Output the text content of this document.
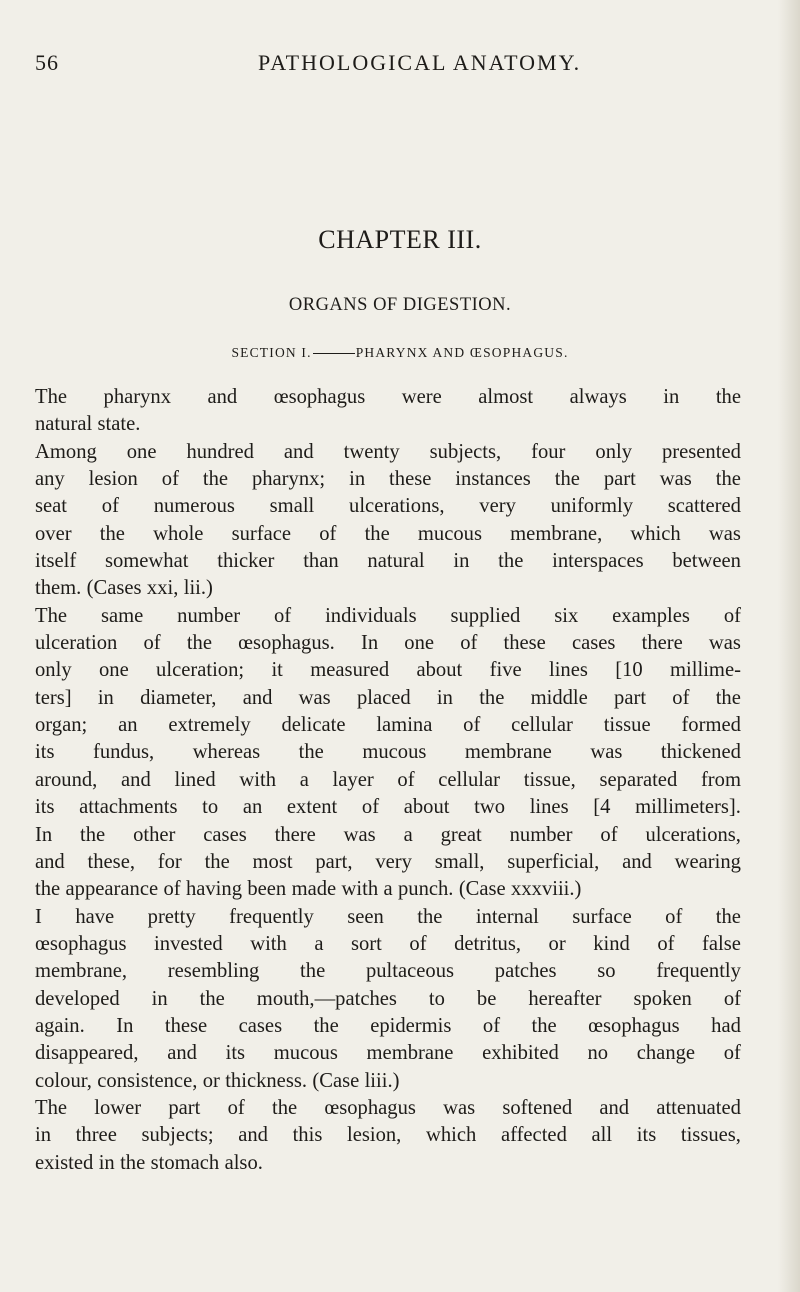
56	PATHOLOGICAL ANATOMY.
CHAPTER III.
ORGANS OF DIGESTION.
SECTION I.	PHARYNX AND ŒSOPHAGUS.
The pharynx and œsophagus were almost always in the
natural state.
Among one hundred and twenty subjects, four only presented
any lesion of the pharynx; in these instances the part was the
seat of numerous small ulcerations, very uniformly scattered
over the whole surface of the mucous membrane, which was
itself somewhat thicker than natural in the interspaces between
them. (Cases xxi, lii.)
The same number of individuals supplied six examples of
ulceration of the œsophagus. In one of these cases there was
only one ulceration; it measured about five lines [10 millime-
ters] in diameter, and was placed in the middle part of the
organ; an extremely delicate lamina of cellular tissue formed
its fundus, whereas the mucous membrane was thickened
around, and lined with a layer of cellular tissue, separated from
its attachments to an extent of about two lines [4 millimeters].
In the other cases there was a great number of ulcerations,
and these, for the most part, very small, superficial, and wearing
the appearance of having been made with a punch. (Case xxxviii.)
I have pretty frequently seen the internal surface of the
œsophagus invested with a sort of detritus, or kind of false
membrane, resembling the pultaceous patches so frequently
developed in the mouth,—patches to be hereafter spoken of
again. In these cases the epidermis of the œsophagus had
disappeared, and its mucous membrane exhibited no change of
colour, consistence, or thickness. (Case liii.)
The lower part of the œsophagus was softened and attenuated
in three subjects; and this lesion, which affected all its tissues,
existed in the stomach also.
